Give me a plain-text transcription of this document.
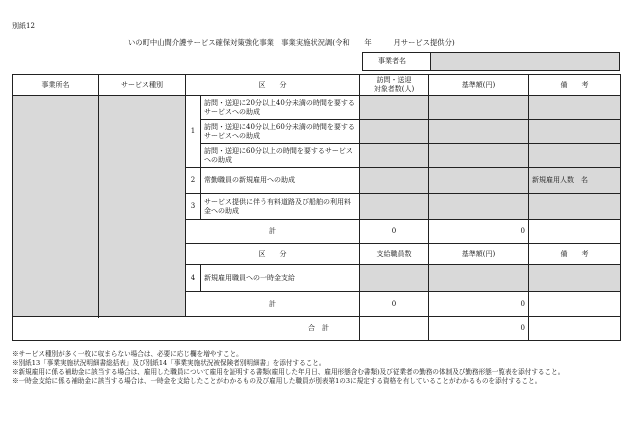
別紙12
いの町中山間介護サービス確保対策強化事業　事業実施状況調(令和　　年　　　月サービス提供分)
事業者名
事業所名	サービス種別	区　　分		訪問・送迎
対象者数(人)	基準額(円)	備　　考
		1	訪問・送迎に20分以上40分未満の時間を要するサービスへの助成			
			訪問・送迎に40分以上60分未満の時間を要するサービスへの助成			
			訪問・送迎に60分以上の時間を要するサービスへの助成			
		2	常勤職員の新規雇用への助成			新規雇用人数　名
		3	サービス提供に伴う有料道路及び船舶の利用料金への助成			
		計		0	0	
		区　　分		支給職員数	基準額(円)	備　　考
		4	新規雇用職員への一時金支給			
		計		0	0	

合　計					0	
※サービス種別が多く一枚に収まらない場合は、必要に応じ欄を増やすこと。
※別紙13「事業実施状況明細書総括表」及び別紙14「事業実施状況被保険者別明細書」を添付すること。
※新規雇用に係る補助金に該当する場合は、雇用した職員について雇用を証明する書類(雇用した年月日、雇用形態含む書類)及び従業者の勤務の体制及び勤務形態一覧表を添付すること。
※一時金支給に係る補助金に該当する場合は、一時金を支給したことがわかるもの及び雇用した職員が別表第1の3に規定する資格を有していることがわかるものを添付すること。
